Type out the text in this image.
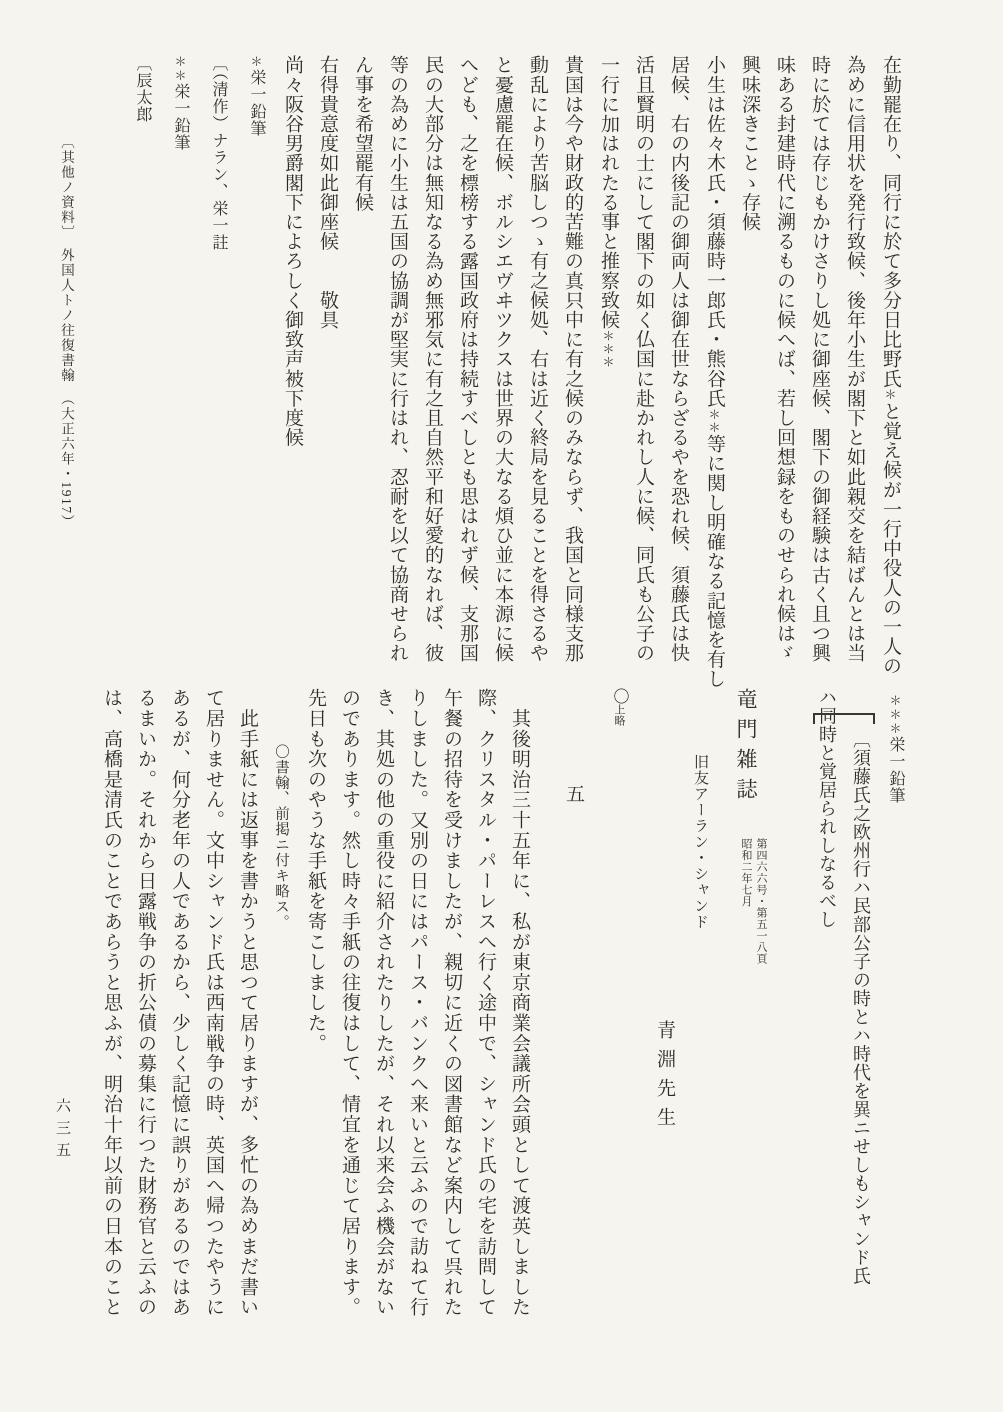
在勤罷在り、同行に於て多分日比野氏＊と覚え候が一行中役人の一人の
為めに信用状を発行致候、後年小生が閣下と如此親交を結ばんとは当
時に於ては存じもかけさりし処に御座候、閣下の御経験は古く且つ興
味ある封建時代に溯るものに候へば、若し回想録をものせられ候はゞ
興味深きことゝ存候
小生は佐々木氏・須藤時一郎氏・熊谷氏＊＊等に関し明確なる記憶を有し
居候、右の内後記の御両人は御在世ならざるやを恐れ候、須藤氏は快
活且賢明の士にして閣下の如く仏国に赴かれし人に候、同氏も公子の
一行に加はれたる事と推察致候＊＊＊
貴国は今や財政的苦難の真只中に有之候のみならず、我国と同様支那
動乱により苦脳しつゝ有之候処、右は近く終局を見ることを得さるや
と憂慮罷在候、ボルシエヴヰツクスは世界の大なる煩ひ並に本源に候
へども、之を標榜する露国政府は持続すべしとも思はれず候、支那国
民の大部分は無知なる為め無邪気に有之且自然平和好愛的なれば、彼
等の為めに小生は五国の協調が堅実に行はれ、忍耐を以て協商せられ
ん事を希望罷有候
右得貴意度如此御座候　　敬具
尚々阪谷男爵閣下によろしく御致声被下度候
＊栄一鉛筆
〔（清作）ナラン、栄一註
＊＊栄一鉛筆
〔辰太郎
〔其他ノ資料〕　外国人トノ往復書翰　（大正六年・1917）
＊＊＊栄一鉛筆
〔須藤氏之欧州行ハ民部公子の時とハ時代を異ニせしもシャンド氏
ハ同時と覚居られしなるべし
竜門雑誌
第四六六号・第五一八頁
昭和二年七月
旧友アーラン・シャンド
青淵先生
〇上略
五
　其後明治三十五年に、私が東京商業会議所会頭として渡英しました
際、クリスタル・パーレスへ行く途中で、シャンド氏の宅を訪問して
午餐の招待を受けましたが、親切に近くの図書館など案内して呉れた
りしました。又別の日にはパース・バンクへ来いと云ふので訪ねて行
き、其処の他の重役に紹介されたりしたが、それ以来会ふ機会がない
のであります。然し時々手紙の往復はして、情宜を通じて居ります。
先日も次のやうな手紙を寄こしました。
〇書翰、前掲ニ付キ略ス。
　此手紙には返事を書かうと思つて居りますが、多忙の為めまだ書い
て居りません。文中シャンド氏は西南戦争の時、英国へ帰つたやうに
あるが、何分老年の人であるから、少しく記憶に誤りがあるのではあ
るまいか。それから日露戦争の折公債の募集に行つた財務官と云ふの
は、高橋是清氏のことであらうと思ふが、明治十年以前の日本のこと
六三五
